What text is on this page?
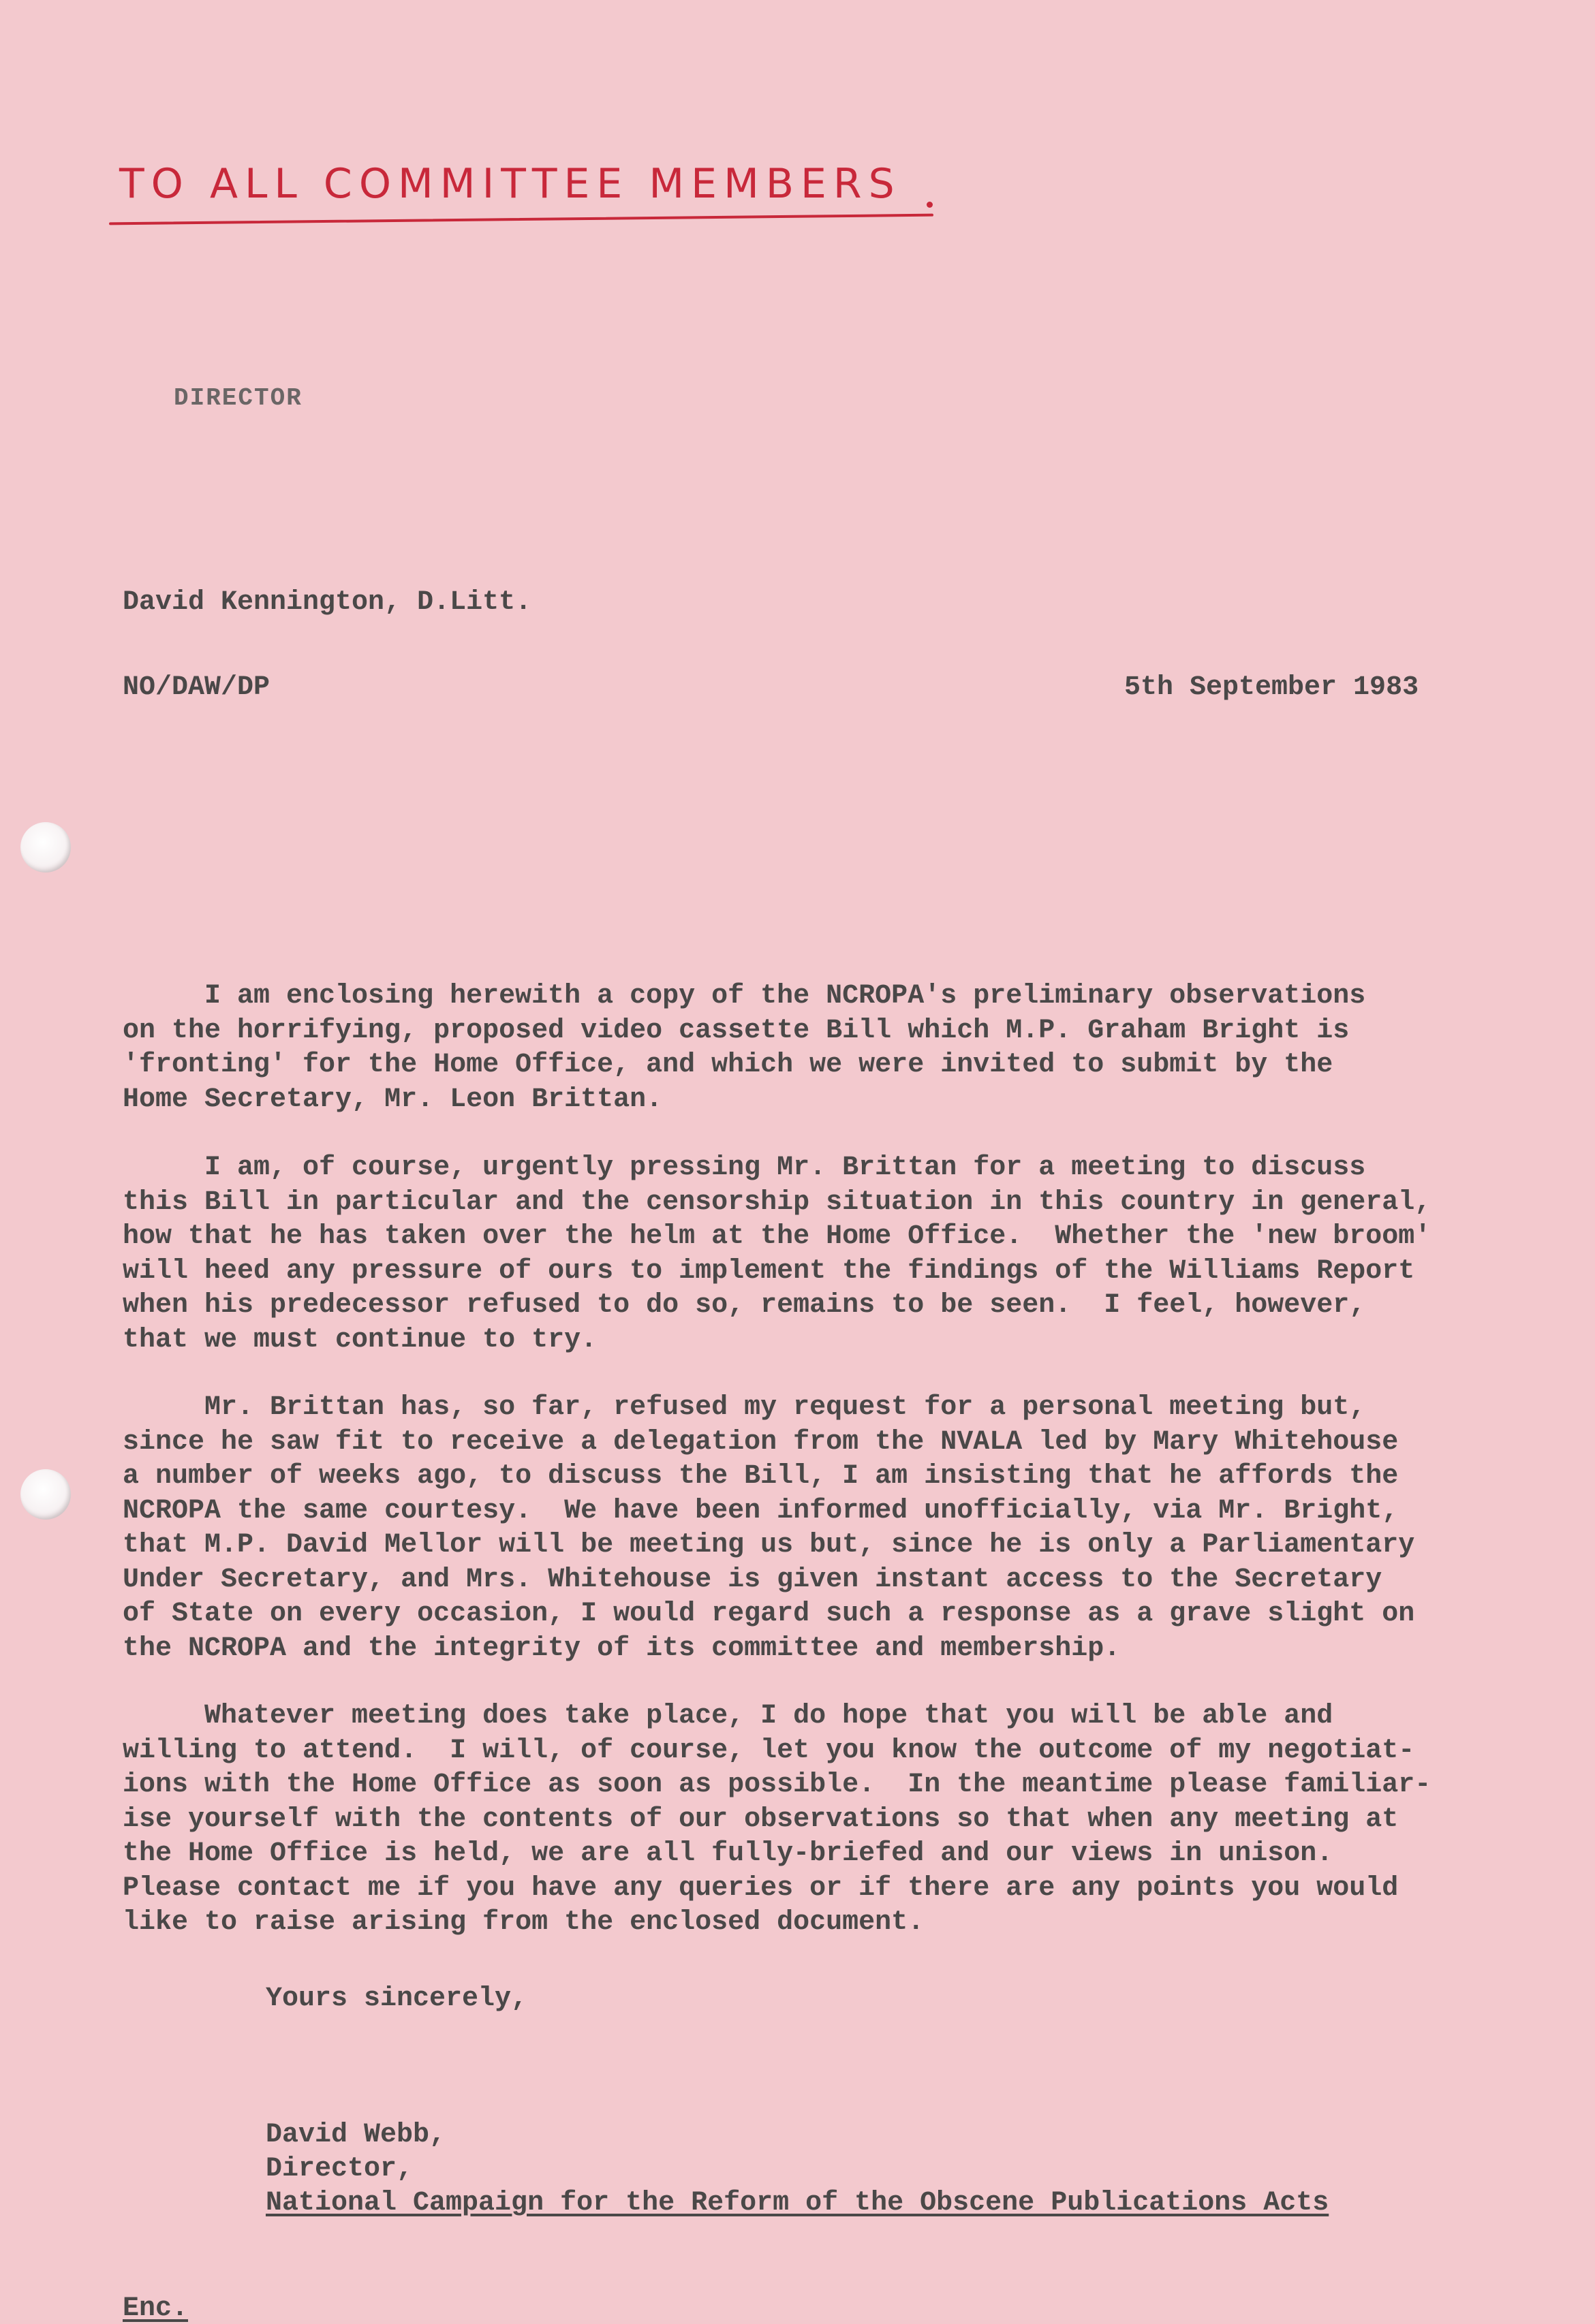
TO ALL COMMITTEE MEMBERS
DIRECTOR
David Kennington, D.Litt.
NO/DAW/DP	5th September 1983
I am enclosing herewith a copy of the NCROPA's preliminary observations
on the horrifying, proposed video cassette Bill which M.P. Graham Bright is
'fronting' for the Home Office, and which we were invited to submit by the
Home Secretary, Mr. Leon Brittan.
I am, of course, urgently pressing Mr. Brittan for a meeting to discuss
this Bill in particular and the censorship situation in this country in general,
how that he has taken over the helm at the Home Office.  Whether the 'new broom'
will heed any pressure of ours to implement the findings of the Williams Report
when his predecessor refused to do so, remains to be seen.  I feel, however,
that we must continue to try.
Mr. Brittan has, so far, refused my request for a personal meeting but,
since he saw fit to receive a delegation from the NVALA led by Mary Whitehouse
a number of weeks ago, to discuss the Bill, I am insisting that he affords the
NCROPA the same courtesy.  We have been informed unofficially, via Mr. Bright,
that M.P. David Mellor will be meeting us but, since he is only a Parliamentary
Under Secretary, and Mrs. Whitehouse is given instant access to the Secretary
of State on every occasion, I would regard such a response as a grave slight on
the NCROPA and the integrity of its committee and membership.
Whatever meeting does take place, I do hope that you will be able and
willing to attend.  I will, of course, let you know the outcome of my negotiat-
ions with the Home Office as soon as possible.  In the meantime please familiar-
ise yourself with the contents of our observations so that when any meeting at
the Home Office is held, we are all fully-briefed and our views in unison.
Please contact me if you have any queries or if there are any points you would
like to raise arising from the enclosed document.
Yours sincerely,
David Webb,
Director,
National Campaign for the Reform of the Obscene Publications Acts
Enc.
